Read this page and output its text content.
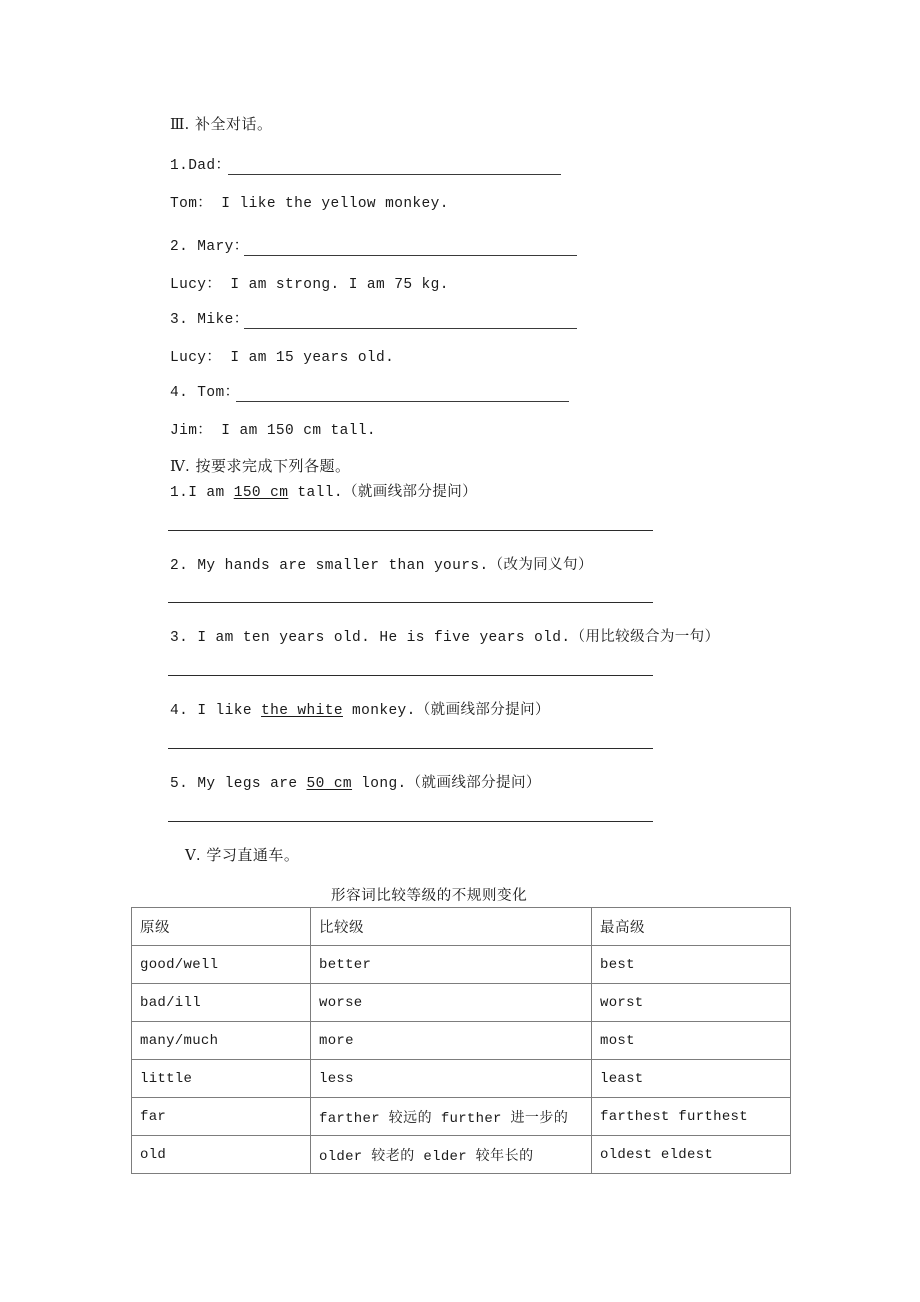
Ⅲ. 补全对话。
1.Dad：
Tom： I like the yellow monkey.
2. Mary：
Lucy： I am strong. I am 75 kg.
3. Mike：
Lucy： I am 15 years old.
4. Tom：
Jim： I am 150 cm tall.
Ⅳ. 按要求完成下列各题。
1.I am 150 cm tall.（就画线部分提问）
2. My hands are smaller than yours.（改为同义句）
3. I am ten years old. He is five years old.（用比较级合为一句）
4. I like the white monkey.（就画线部分提问）
5. My legs are 50 cm long.（就画线部分提问）
Ⅴ. 学习直通车。
形容词比较等级的不规则变化
原级	比较级	最高级
good/well	better	best
bad/ill	worse	worst
many/much	more	most
little	less	least
far	farther 较远的 further 进一步的	farthest furthest
old	older 较老的 elder 较年长的	oldest eldest
